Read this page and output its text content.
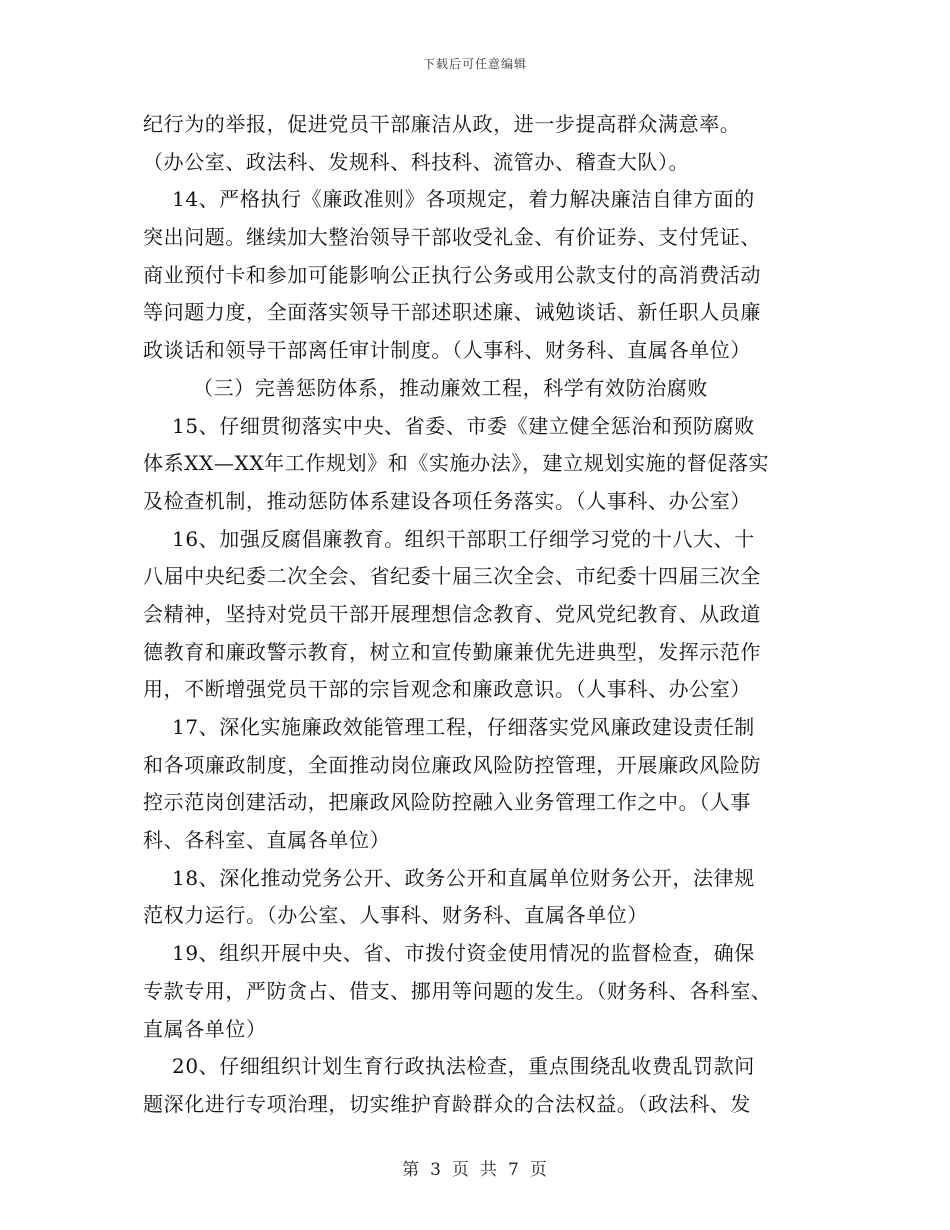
下载后可任意编辑
纪行为的举报，促进党员干部廉洁从政，进一步提高群众满意率。
（办公室、政法科、发规科、科技科、流管办、稽查大队）。
14、严格执行《廉政准则》各项规定，着力解决廉洁自律方面的
突出问题。继续加大整治领导干部收受礼金、有价证券、支付凭证、
商业预付卡和参加可能影响公正执行公务或用公款支付的高消费活动
等问题力度，全面落实领导干部述职述廉、诫勉谈话、新任职人员廉
政谈话和领导干部离任审计制度。（人事科、财务科、直属各单位）
（三）完善惩防体系，推动廉效工程，科学有效防治腐败
15、仔细贯彻落实中央、省委、市委《建立健全惩治和预防腐败
体系XX—XX年工作规划》和《实施办法》，建立规划实施的督促落实
及检查机制，推动惩防体系建设各项任务落实。（人事科、办公室）
16、加强反腐倡廉教育。组织干部职工仔细学习党的十八大、十
八届中央纪委二次全会、省纪委十届三次全会、市纪委十四届三次全
会精神，坚持对党员干部开展理想信念教育、党风党纪教育、从政道
德教育和廉政警示教育，树立和宣传勤廉兼优先进典型，发挥示范作
用，不断增强党员干部的宗旨观念和廉政意识。（人事科、办公室）
17、深化实施廉政效能管理工程，仔细落实党风廉政建设责任制
和各项廉政制度，全面推动岗位廉政风险防控管理，开展廉政风险防
控示范岗创建活动，把廉政风险防控融入业务管理工作之中。（人事
科、各科室、直属各单位）
18、深化推动党务公开、政务公开和直属单位财务公开，法律规
范权力运行。（办公室、人事科、财务科、直属各单位）
19、组织开展中央、省、市拨付资金使用情况的监督检查，确保
专款专用，严防贪占、借支、挪用等问题的发生。（财务科、各科室、
直属各单位）
20、仔细组织计划生育行政执法检查，重点围绕乱收费乱罚款问
题深化进行专项治理，切实维护育龄群众的合法权益。（政法科、发
第 3 页 共 7 页
